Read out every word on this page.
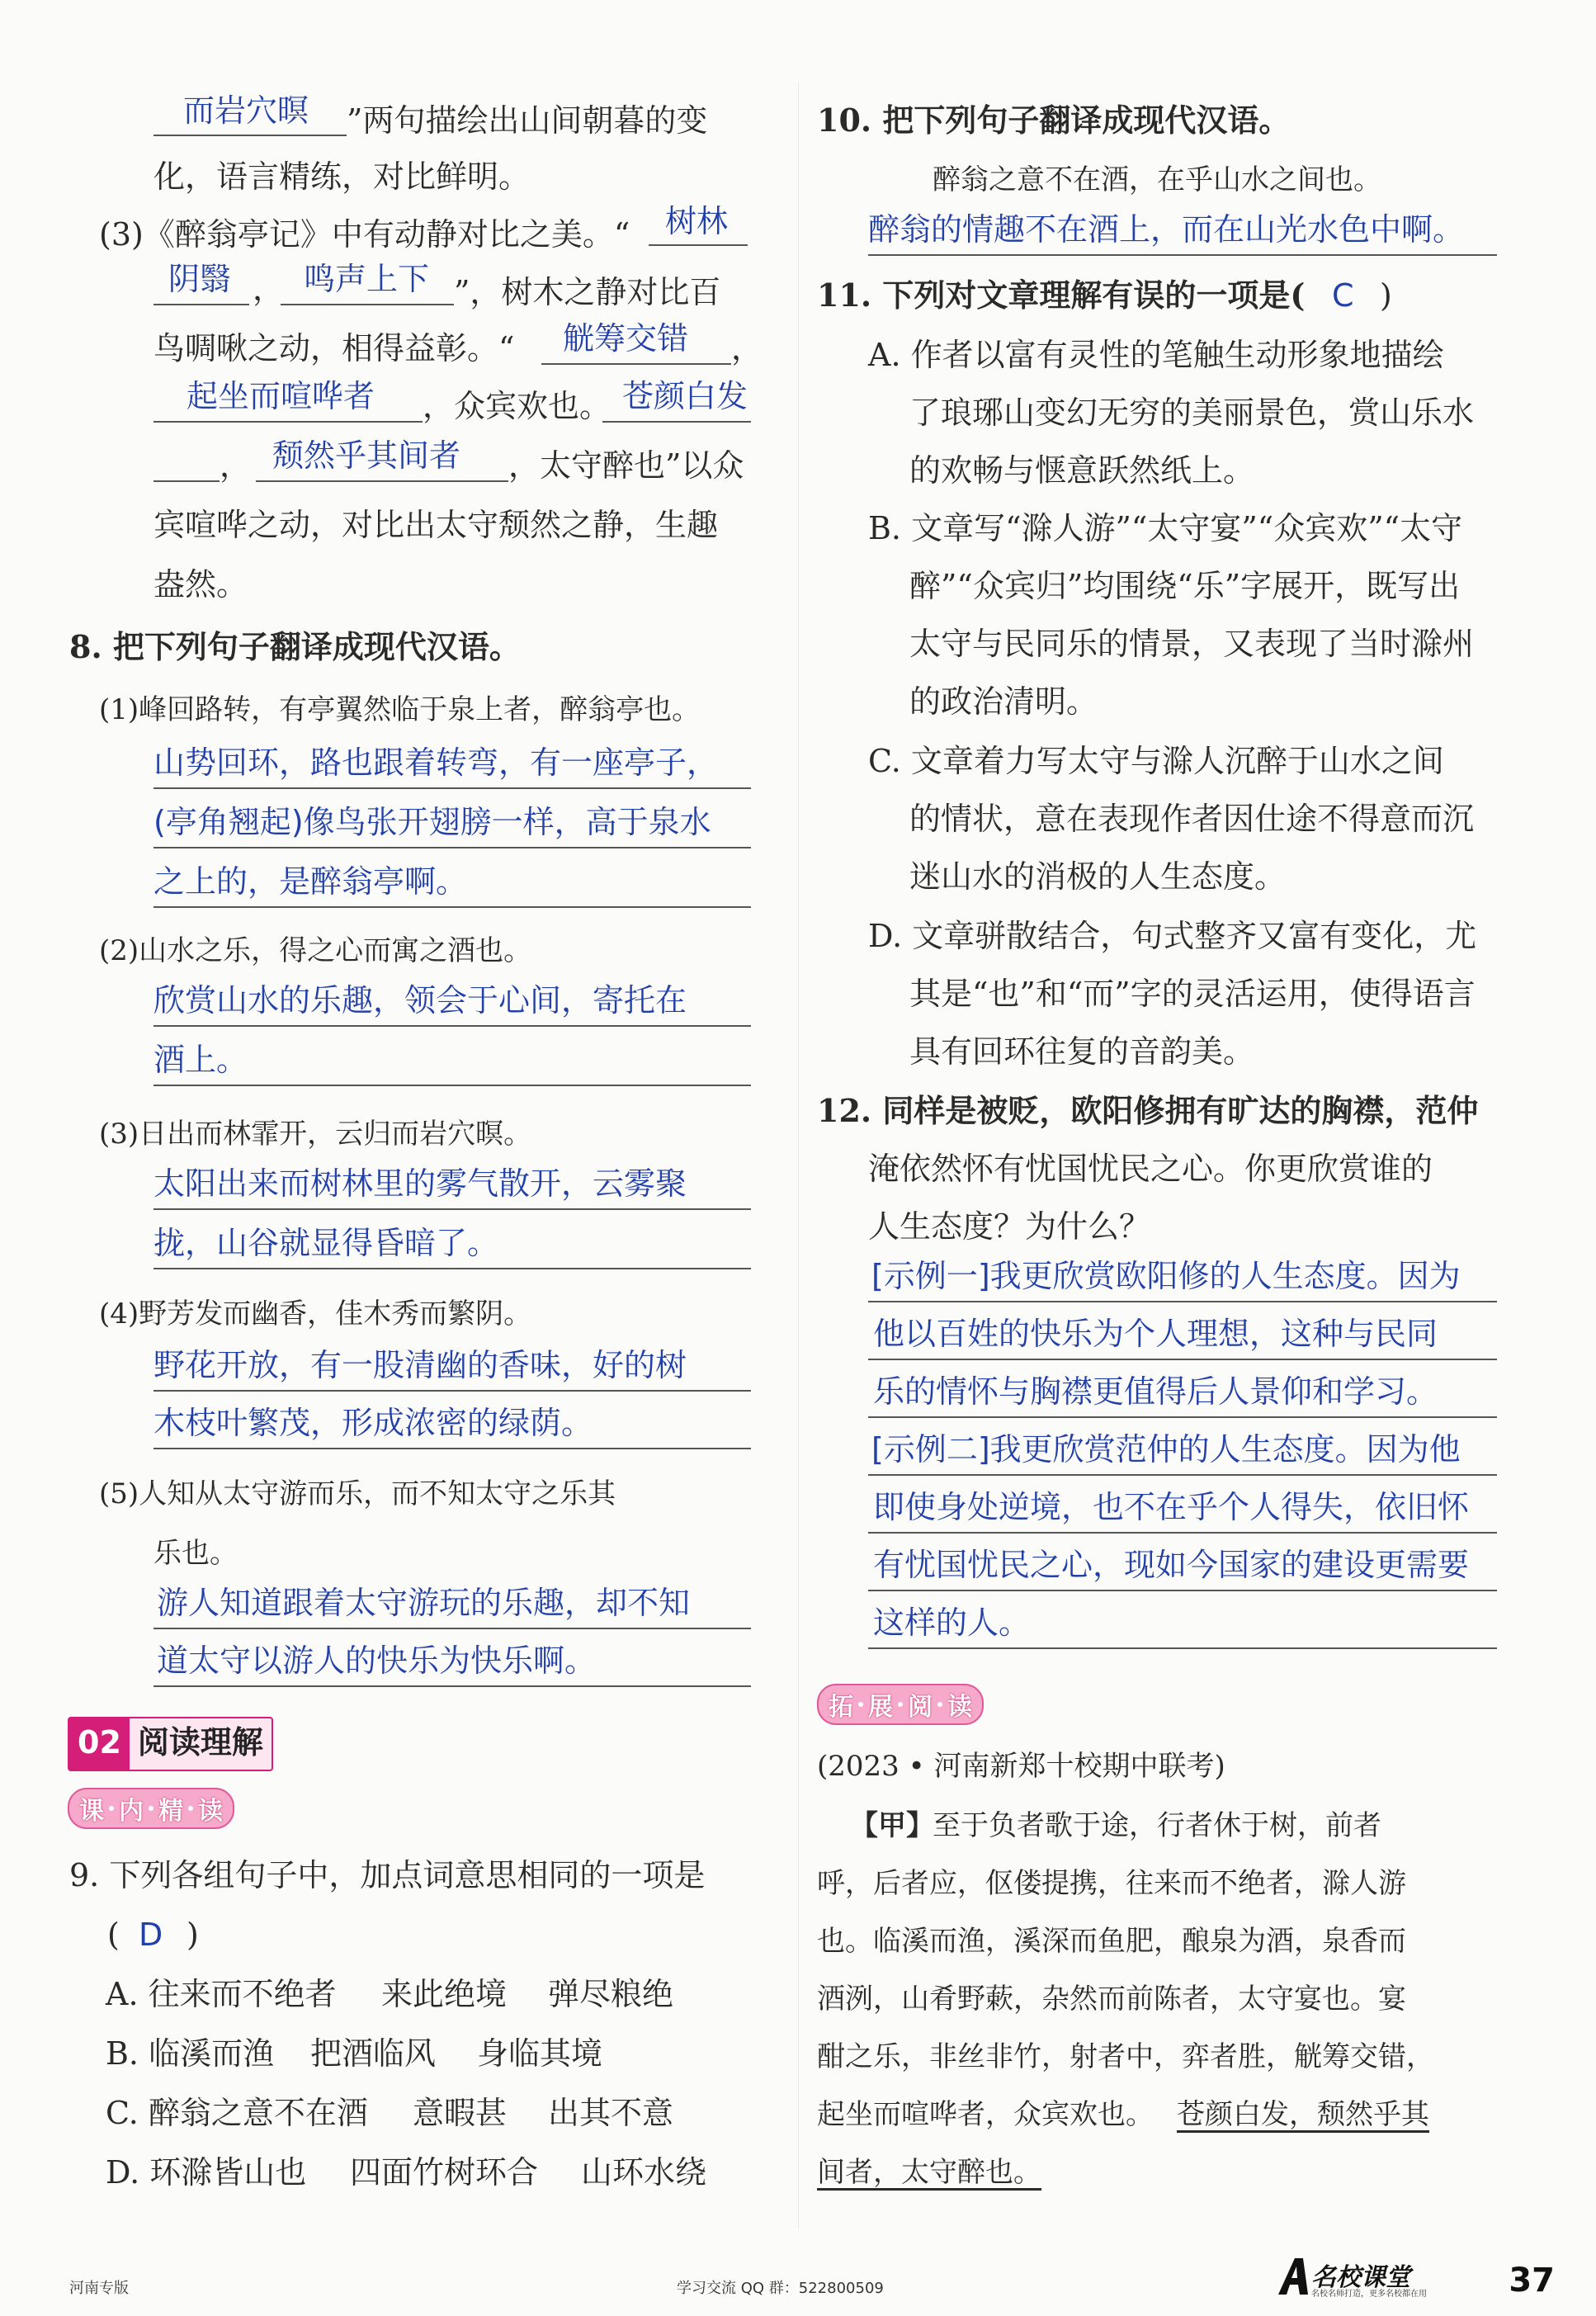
而岩穴暝 ”两句描绘出山间朝暮的变
化，语言精练，对比鲜明。
(3)《醉翁亭记》中有动静对比之美。“ 树林
阴翳 ， 鸣声上下 ”，树木之静对比百
鸟啁啾之动，相得益彰。“ 觥筹交错 ，
起坐而喧哗者 ，众宾欢也。 苍颜白发
， 颓然乎其间者 ，太守醉也”以众
宾喧哗之动，对比出太守颓然之静，生趣
盎然。
8. 把下列句子翻译成现代汉语。
(1)峰回路转，有亭翼然临于泉上者，醉翁亭也。
山势回环，路也跟着转弯，有一座亭子，
(亭角翘起)像鸟张开翅膀一样，高于泉水
之上的，是醉翁亭啊。
(2)山水之乐，得之心而寓之酒也。
欣赏山水的乐趣，领会于心间，寄托在
酒上。
(3)日出而林霏开，云归而岩穴暝。
太阳出来而树林里的雾气散开，云雾聚
拢，山谷就显得昏暗了。
(4)野芳发而幽香，佳木秀而繁阴。
野花开放，有一股清幽的香味，好的树
木枝叶繁茂，形成浓密的绿荫。
(5)人知从太守游而乐，而不知太守之乐其
乐也。
游人知道跟着太守游玩的乐趣，却不知
道太守以游人的快乐为快乐啊。
02 阅读理解
课 内 精 读
9. 下列各组句子中，加点词意思相同的一项是
( D )
A. 往来而不绝者 来此绝境 弹尽粮绝
B. 临溪而渔 把酒临风 身临其境
C. 醉翁之意不在酒 意暇甚 出其不意
D. 环滁皆山也 四面竹树环合 山环水绕
10. 把下列句子翻译成现代汉语。
醉翁之意不在酒，在乎山水之间也。
醉翁的情趣不在酒上，而在山光水色中啊。
11. 下列对文章理解有误的一项是( C )
A. 作者以富有灵性的笔触生动形象地描绘
了琅琊山变幻无穷的美丽景色，赏山乐水
的欢畅与惬意跃然纸上。
B. 文章写“滁人游”“太守宴”“众宾欢”“太守
醉”“众宾归”均围绕“乐”字展开，既写出
太守与民同乐的情景，又表现了当时滁州
的政治清明。
C. 文章着力写太守与滁人沉醉于山水之间
的情状，意在表现作者因仕途不得意而沉
迷山水的消极的人生态度。
D. 文章骈散结合，句式整齐又富有变化，尤
其是“也”和“而”字的灵活运用，使得语言
具有回环往复的音韵美。
12. 同样是被贬，欧阳修拥有旷达的胸襟，范仲
淹依然怀有忧国忧民之心。你更欣赏谁的
人生态度？为什么？
[示例一]我更欣赏欧阳修的人生态度。因为
他以百姓的快乐为个人理想，这种与民同
乐的情怀与胸襟更值得后人景仰和学习。
[示例二]我更欣赏范仲的人生态度。因为他
即使身处逆境，也不在乎个人得失，依旧怀
有忧国忧民之心，现如今国家的建设更需要
这样的人。
拓 展 阅 读
(2023 • 河南新郑十校期中联考)
【甲】
至于负者歌于途，行者休于树，前者
呼，后者应，伛偻提携，往来而不绝者，滁人游
也。临溪而渔，溪深而鱼肥，酿泉为酒，泉香而
酒洌，山肴野蔌，杂然而前陈者，太守宴也。宴
酣之乐，非丝非竹，射者中，弈者胜，觥筹交错，
起坐而喧哗者，众宾欢也。 苍颜白发，颓然乎其
间者，太守醉也。
河南专版	学习交流 QQ 群：522800509	名校课堂
名校名师打造，更多名校都在用 37
